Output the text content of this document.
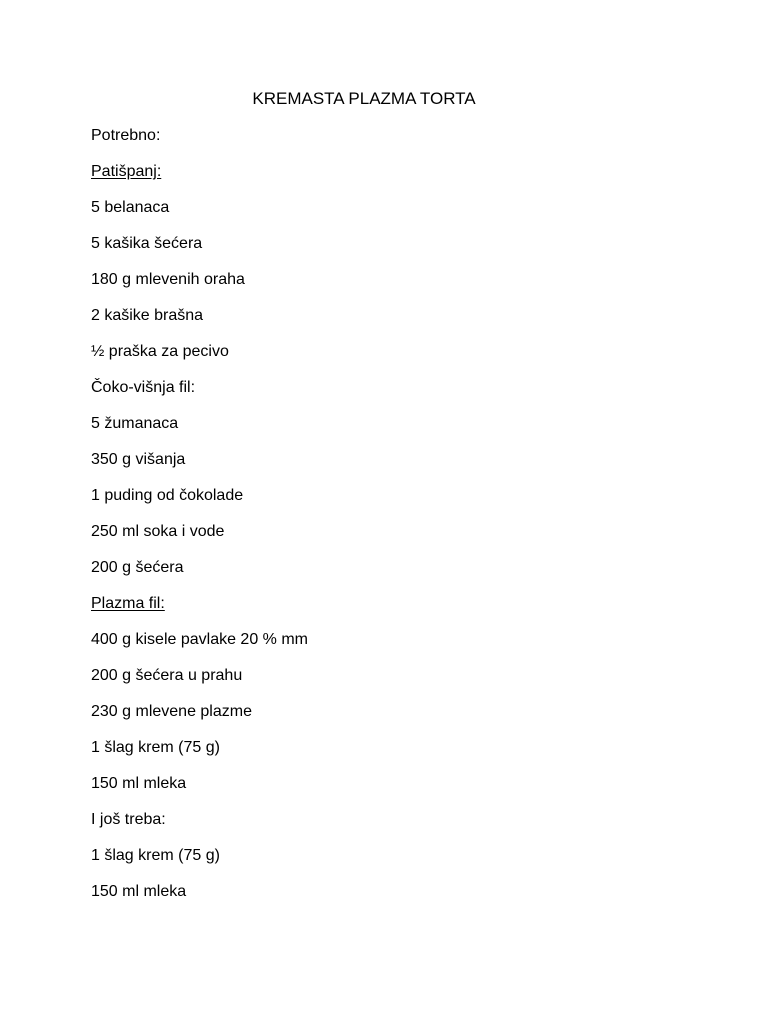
KREMASTA PLAZMA TORTA
Potrebno:
Patišpanj:
5 belanaca
5 kašika šećera
180 g mlevenih oraha
2 kašike brašna
½ praška za pecivo
Čoko-višnja fil:
5 žumanaca
350 g višanja
1 puding od čokolade
250 ml soka i vode
200 g šećera
Plazma fil:
400 g kisele pavlake 20 % mm
200 g šećera u prahu
230 g mlevene plazme
1 šlag krem (75 g)
150 ml mleka
I još treba:
1 šlag krem (75 g)
150 ml mleka
